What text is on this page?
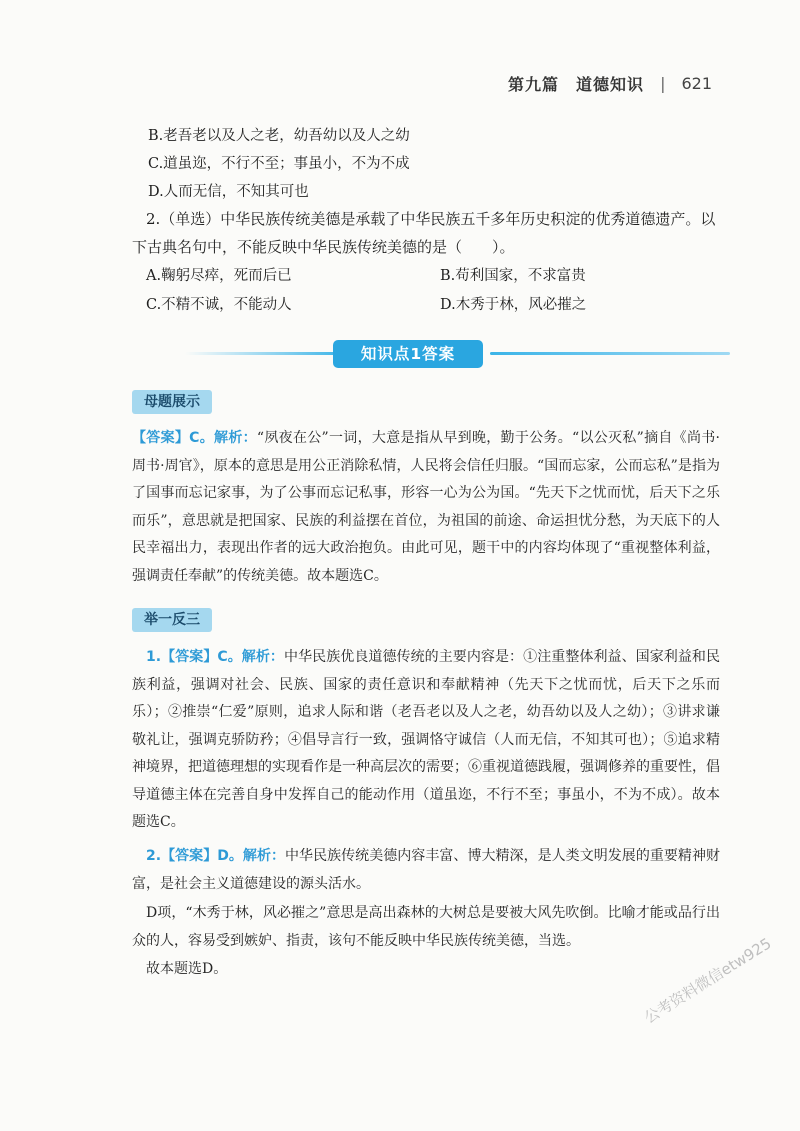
第九篇　道德知识 | 621
B.老吾老以及人之老，幼吾幼以及人之幼
C.道虽迩，不行不至；事虽小，不为不成
D.人而无信，不知其可也
2.（单选）中华民族传统美德是承载了中华民族五千多年历史积淀的优秀道德遗产。以
下古典名句中，不能反映中华民族传统美德的是（　　）。
A.鞠躬尽瘁，死而后已	B.苟利国家，不求富贵
C.不精不诚，不能动人	D.木秀于林，风必摧之
知识点1答案
母题展示
【答案】C。解析：“夙夜在公”一词，大意是指从早到晚，勤于公务。“以公灭私”摘自《尚书·周书·周官》，原本的意思是用公正消除私情，人民将会信任归服。“国而忘家，公而忘私”是指为了国事而忘记家事，为了公事而忘记私事，形容一心为公为国。“先天下之忧而忧，后天下之乐而乐”，意思就是把国家、民族的利益摆在首位，为祖国的前途、命运担忧分愁，为天底下的人民幸福出力，表现出作者的远大政治抱负。由此可见，题干中的内容均体现了“重视整体利益，强调责任奉献”的传统美德。故本题选C。
举一反三
1.【答案】C。解析：中华民族优良道德传统的主要内容是：①注重整体利益、国家利益和民族利益，强调对社会、民族、国家的责任意识和奉献精神（先天下之忧而忧，后天下之乐而乐）；②推崇“仁爱”原则，追求人际和谐（老吾老以及人之老，幼吾幼以及人之幼）；③讲求谦敬礼让，强调克骄防矜；④倡导言行一致，强调恪守诚信（人而无信，不知其可也）；⑤追求精神境界，把道德理想的实现看作是一种高层次的需要；⑥重视道德践履，强调修养的重要性，倡导道德主体在完善自身中发挥自己的能动作用（道虽迩，不行不至；事虽小，不为不成）。故本题选C。
2.【答案】D。解析：中华民族传统美德内容丰富、博大精深，是人类文明发展的重要精神财富，是社会主义道德建设的源头活水。
D项，“木秀于林，风必摧之”意思是高出森林的大树总是要被大风先吹倒。比喻才能或品行出众的人，容易受到嫉妒、指责，该句不能反映中华民族传统美德，当选。
故本题选D。	公考资料微信etw925
